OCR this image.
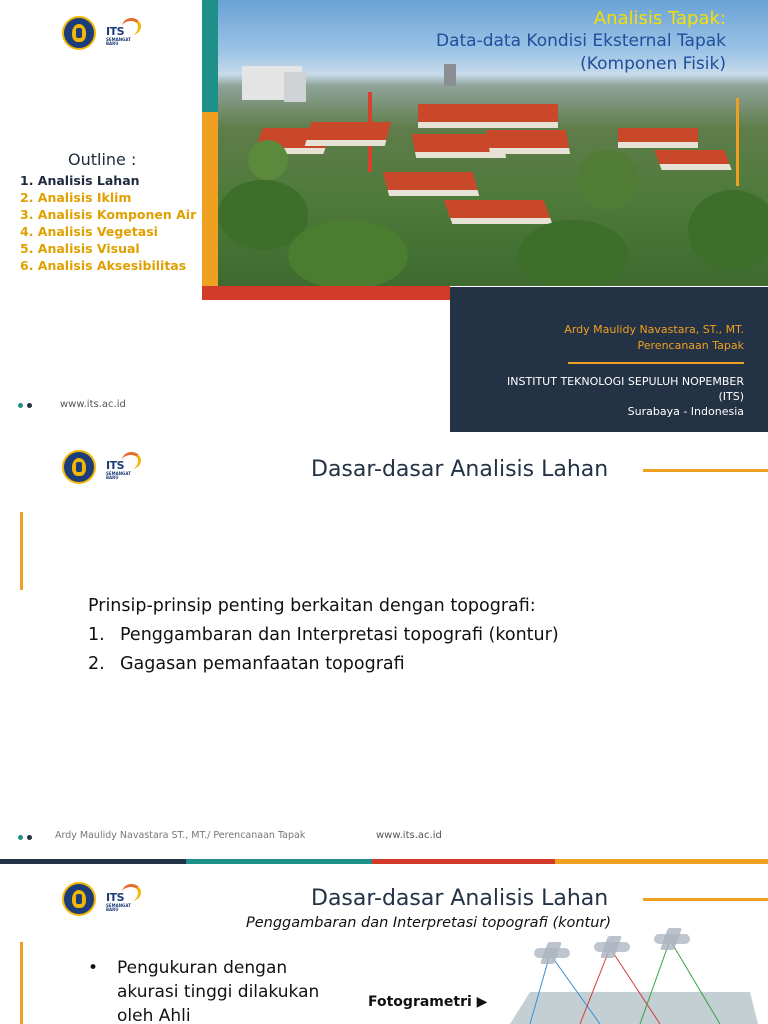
ITS
SEMANGAT BARU
Analisis Tapak:
Data-data Kondisi Eksternal Tapak
(Komponen Fisik)
Outline :
1. Analisis Lahan
2. Analisis Iklim
3. Analisis Komponen Air
4. Analisis Vegetasi
5. Analisis Visual
6. Analisis Aksesibilitas
Ardy Maulidy Navastara, ST., MT.
Perencanaan Tapak
INSTITUT TEKNOLOGI SEPULUH NOPEMBER
(ITS)
Surabaya - Indonesia
www.its.ac.id
ITS
SEMANGAT BARU	Dasar-dasar Analisis Lahan
Prinsip-prinsip penting berkaitan dengan topografi:
1. Penggambaran dan Interpretasi topografi (kontur)
2. Gagasan pemanfaatan topografi
Ardy Maulidy Navastara ST., MT./ Perencanaan Tapak	www.its.ac.id
ITS
SEMANGAT BARU	Dasar-dasar Analisis Lahan
Penggambaran dan Interpretasi topografi (kontur)
• Pengukuran dengan
akurasi tinggi dilakukan
oleh Ahli
Fotogrametri ▶
